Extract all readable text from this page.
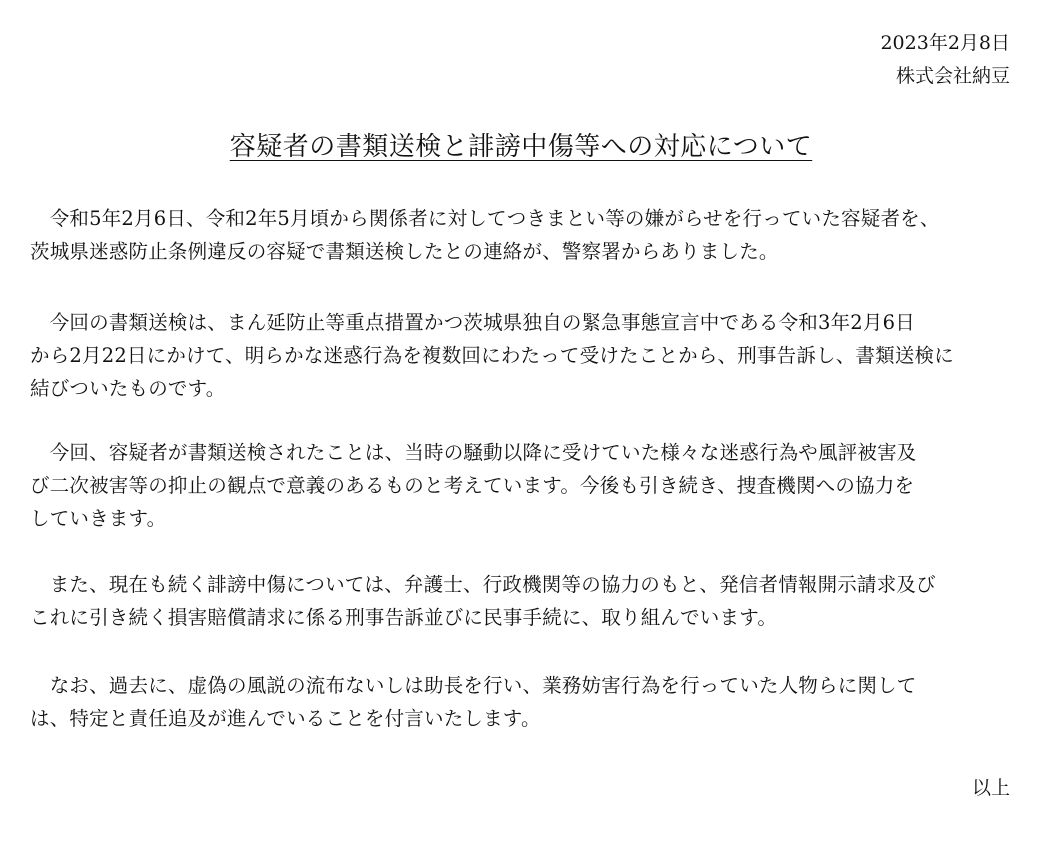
2023年2月8日
株式会社納豆
容疑者の書類送検と誹謗中傷等への対応について
　令和5年2月6日、令和2年5月頃から関係者に対してつきまとい等の嫌がらせを行っていた容疑者を、
茨城県迷惑防止条例違反の容疑で書類送検したとの連絡が、警察署からありました。
　今回の書類送検は、まん延防止等重点措置かつ茨城県独自の緊急事態宣言中である令和3年2月6日
から2月22日にかけて、明らかな迷惑行為を複数回にわたって受けたことから、刑事告訴し、書類送検に
結びついたものです。
　今回、容疑者が書類送検されたことは、当時の騒動以降に受けていた様々な迷惑行為や風評被害及
び二次被害等の抑止の観点で意義のあるものと考えています。今後も引き続き、捜査機関への協力を
していきます。
　また、現在も続く誹謗中傷については、弁護士、行政機関等の協力のもと、発信者情報開示請求及び
これに引き続く損害賠償請求に係る刑事告訴並びに民事手続に、取り組んでいます。
　なお、過去に、虚偽の風説の流布ないしは助長を行い、業務妨害行為を行っていた人物らに関して
は、特定と責任追及が進んでいることを付言いたします。
以上
